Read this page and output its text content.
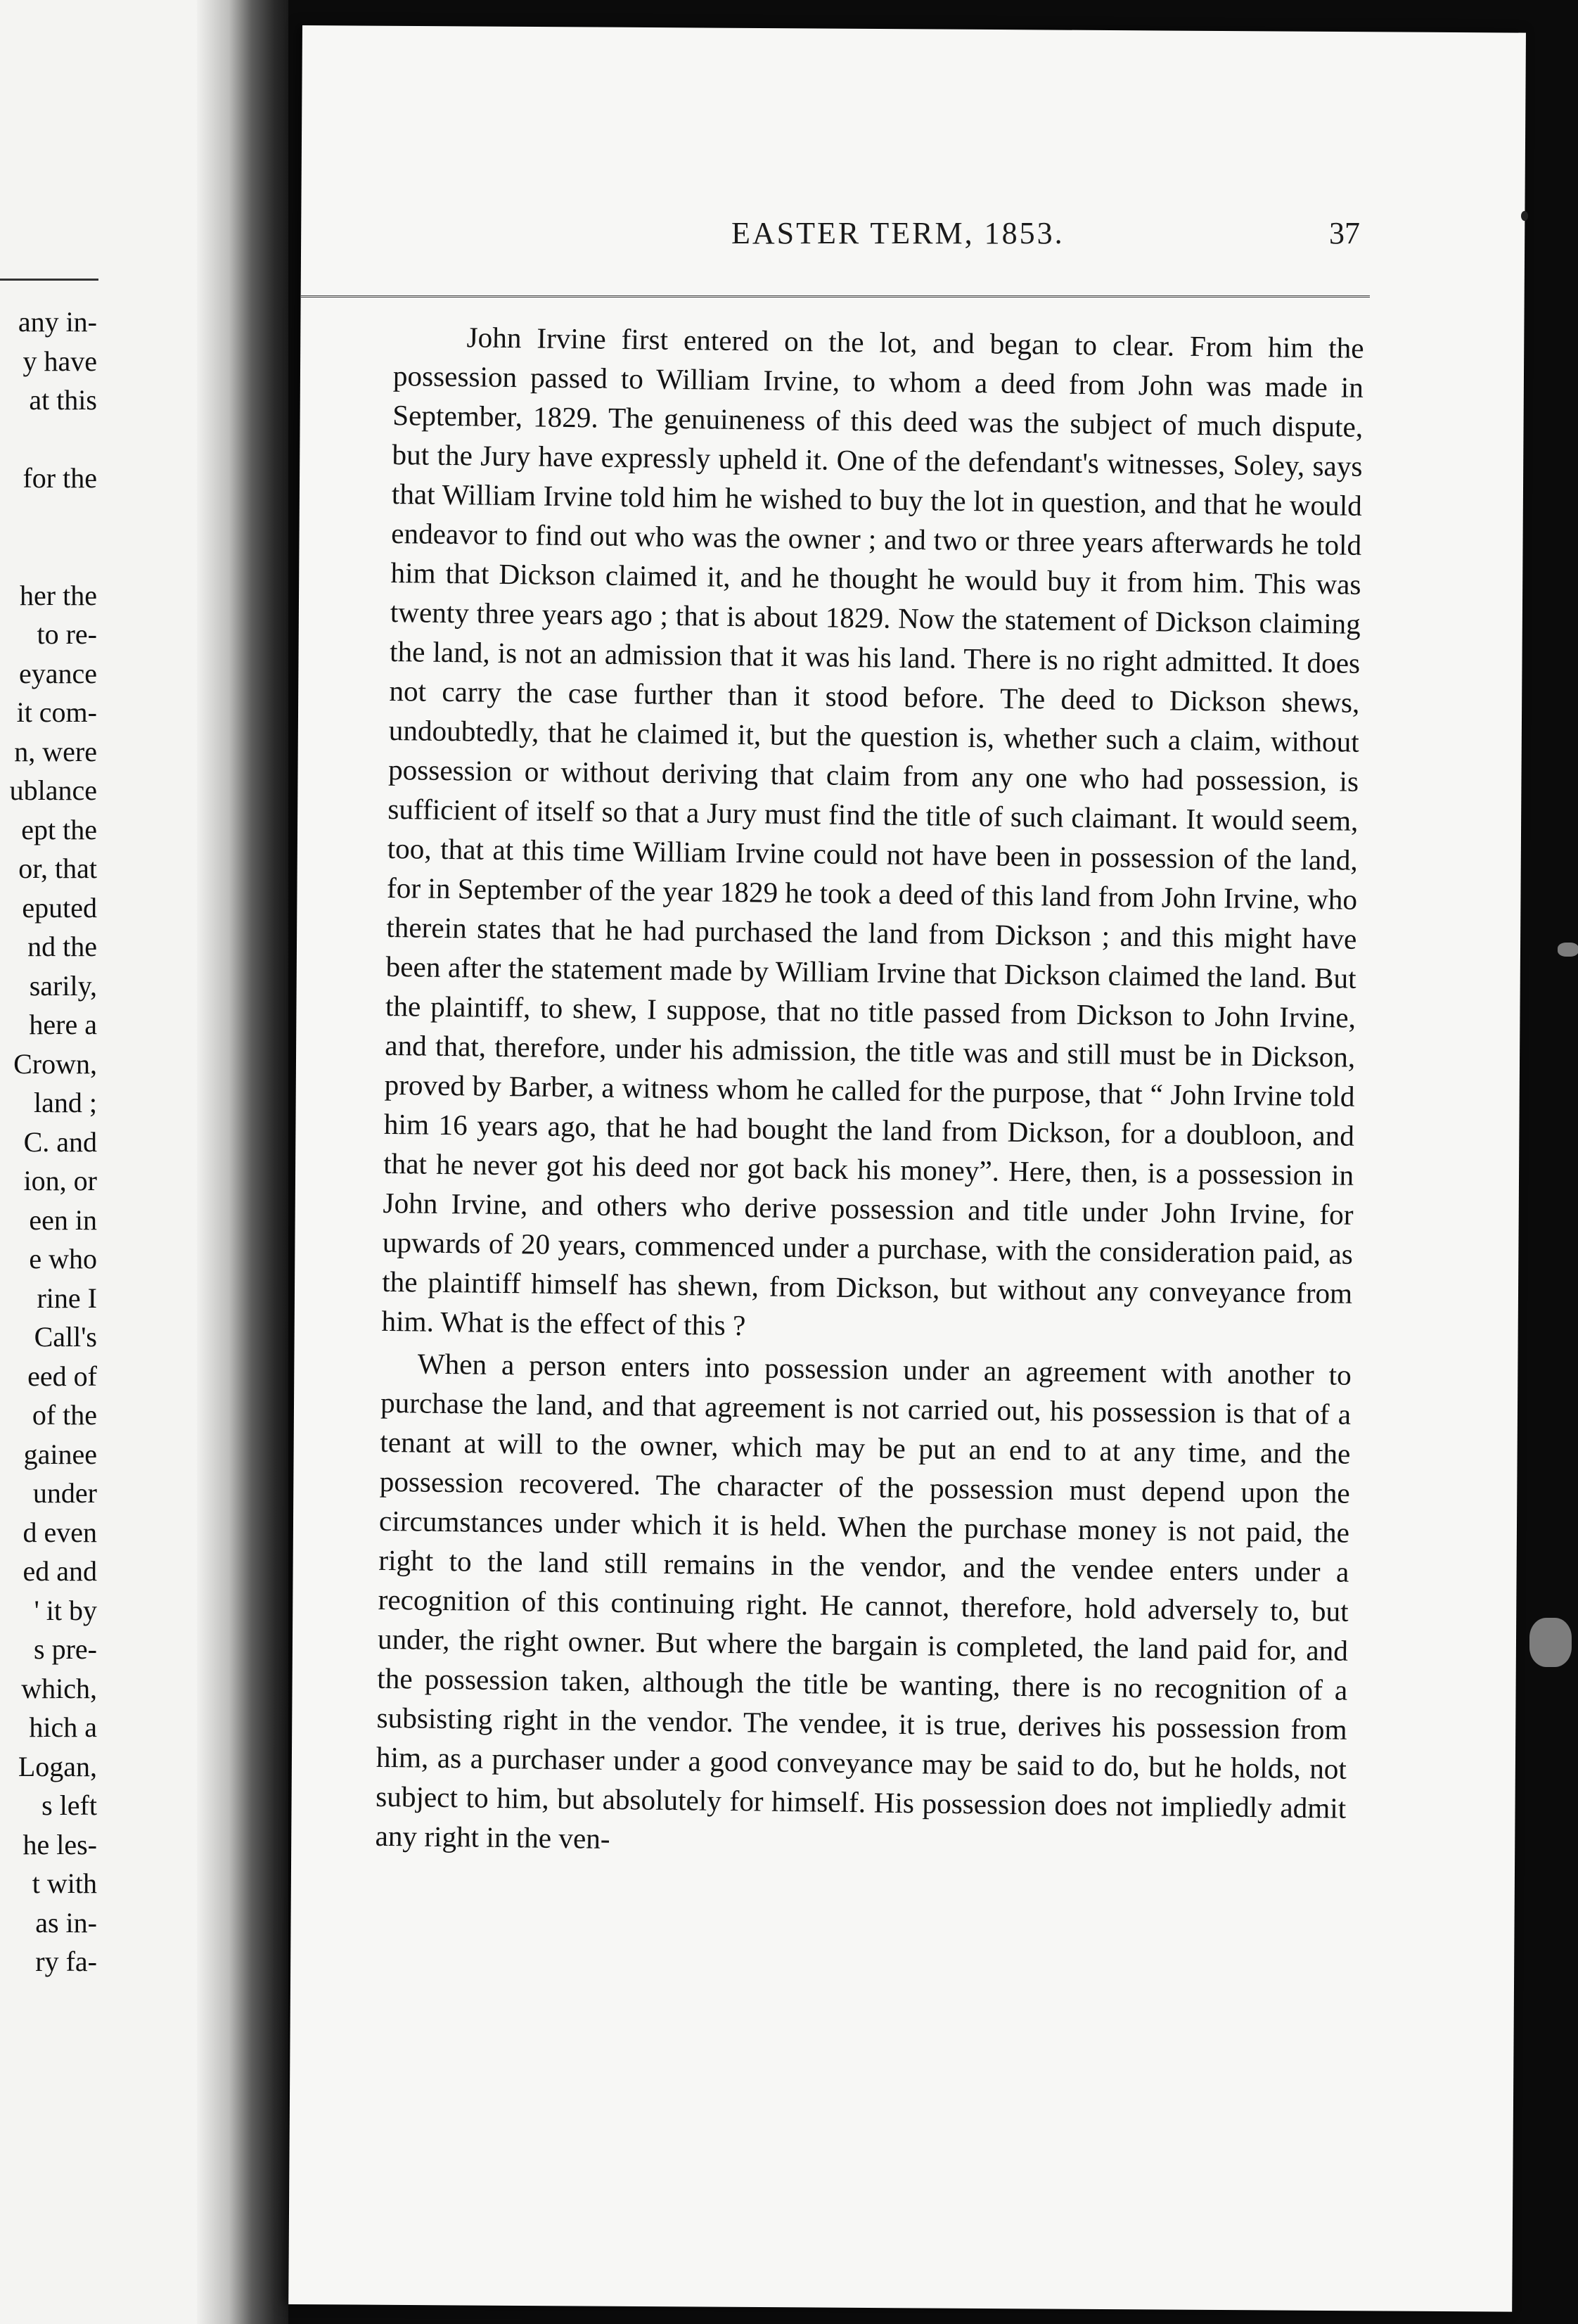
any in-
y have
at this
for the
her the
to re-
eyance
it com-
n, were
ublance
ept the
or, that
eputed
nd the
sarily,
here a
Crown,
land ;
C. and
ion, or
een in
e who
rine I
Call's
eed of
of the
gainee
under
d even
ed and
' it by
s pre-
which,
hich a
Logan,
s left
he les-
t with
as in-
ry fa-
EASTER TERM, 1853.	37

John Irvine first entered on the lot, and began to clear. From him the possession passed to William Irvine, to whom a deed from John was made in September, 1829. The genuineness of this deed was the subject of much dispute, but the Jury have expressly upheld it. One of the defendant's witnesses, Soley, says that William Irvine told him he wished to buy the lot in question, and that he would endeavor to find out who was the owner ; and two or three years afterwards he told him that Dickson claimed it, and he thought he would buy it from him. This was twenty three years ago ; that is about 1829. Now the statement of Dickson claiming the land, is not an admission that it was his land. There is no right admitted. It does not carry the case further than it stood before. The deed to Dickson shews, undoubtedly, that he claimed it, but the question is, whether such a claim, without possession or without deriving that claim from any one who had possession, is sufficient of itself so that a Jury must find the title of such claimant. It would seem, too, that at this time William Irvine could not have been in possession of the land, for in September of the year 1829 he took a deed of this land from John Irvine, who therein states that he had purchased the land from Dickson ; and this might have been after the statement made by William Irvine that Dickson claimed the land. But the plaintiff, to shew, I suppose, that no title passed from Dickson to John Irvine, and that, therefore, under his admission, the title was and still must be in Dickson, proved by Barber, a witness whom he called for the purpose, that “ John Irvine told him 16 years ago, that he had bought the land from Dickson, for a doubloon, and that he never got his deed nor got back his money”. Here, then, is a possession in John Irvine, and others who derive possession and title under John Irvine, for upwards of 20 years, commenced under a purchase, with the consideration paid, as the plaintiff himself has shewn, from Dickson, but without any conveyance from him. What is the effect of this ?

When a person enters into possession under an agreement with another to purchase the land, and that agreement is not carried out, his possession is that of a tenant at will to the owner, which may be put an end to at any time, and the possession recovered. The character of the possession must depend upon the circumstances under which it is held. When the purchase money is not paid, the right to the land still remains in the vendor, and the vendee enters under a recognition of this continuing right. He cannot, therefore, hold adversely to, but under, the right owner. But where the bargain is completed, the land paid for, and the possession taken, although the title be wanting, there is no recognition of a subsisting right in the vendor. The vendee, it is true, derives his possession from him, as a purchaser under a good conveyance may be said to do, but he holds, not subject to him, but absolutely for himself. His possession does not impliedly admit any right in the ven-
